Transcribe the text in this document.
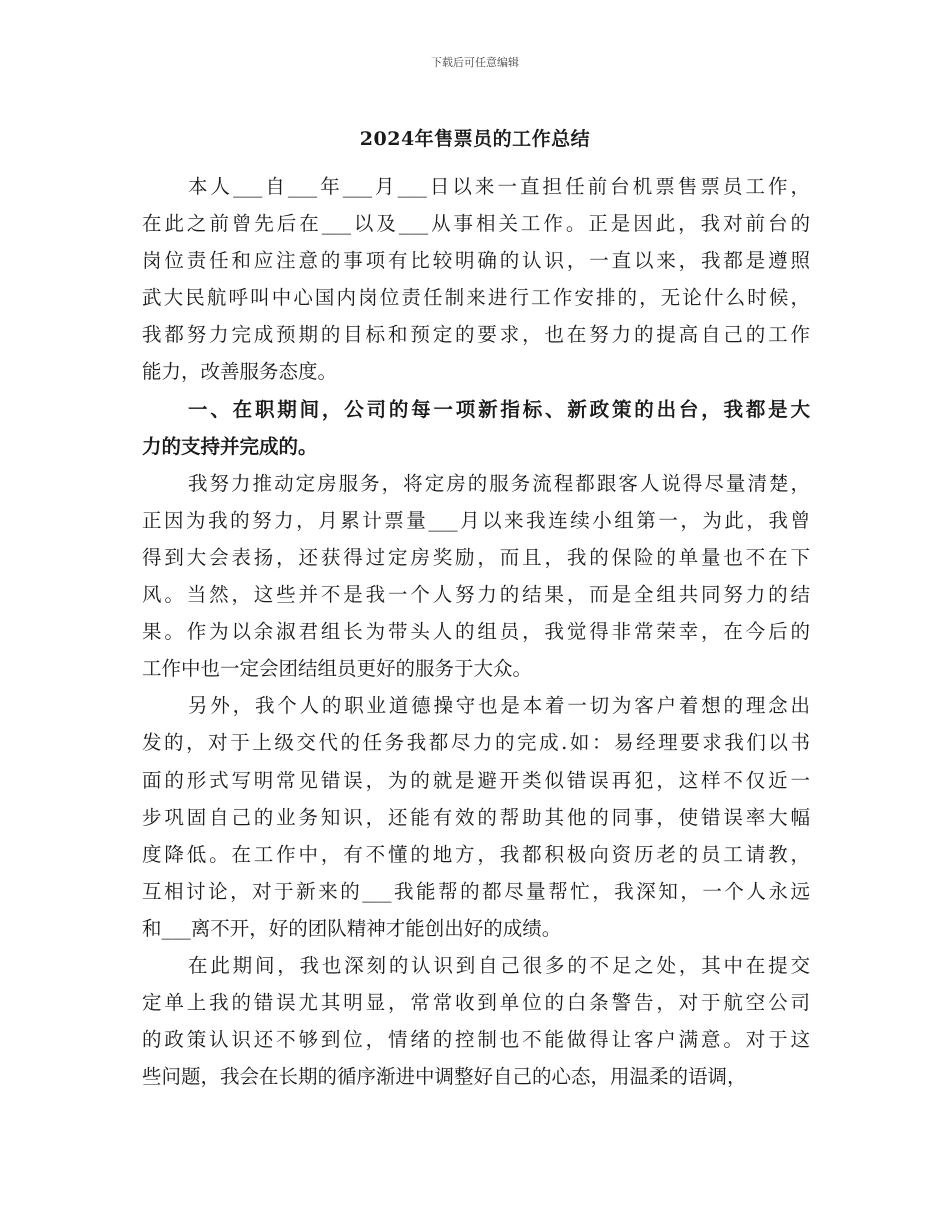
下载后可任意编辑
2024年售票员的工作总结
本人___自___年___月___日以来一直担任前台机票售票员工作，
在此之前曾先后在___以及___从事相关工作。正是因此，我对前台的
岗位责任和应注意的事项有比较明确的认识，一直以来，我都是遵照
武大民航呼叫中心国内岗位责任制来进行工作安排的，无论什么时候，
我都努力完成预期的目标和预定的要求，也在努力的提高自己的工作
能力，改善服务态度。
一、在职期间，公司的每一项新指标、新政策的出台，我都是大
力的支持并完成的。
我努力推动定房服务，将定房的服务流程都跟客人说得尽量清楚，
正因为我的努力，月累计票量___月以来我连续小组第一，为此，我曾
得到大会表扬，还获得过定房奖励，而且，我的保险的单量也不在下
风。当然，这些并不是我一个人努力的结果，而是全组共同努力的结
果。作为以余淑君组长为带头人的组员，我觉得非常荣幸，在今后的
工作中也一定会团结组员更好的服务于大众。
另外，我个人的职业道德操守也是本着一切为客户着想的理念出
发的，对于上级交代的任务我都尽力的完成.如：易经理要求我们以书
面的形式写明常见错误，为的就是避开类似错误再犯，这样不仅近一
步巩固自己的业务知识，还能有效的帮助其他的同事，使错误率大幅
度降低。在工作中，有不懂的地方，我都积极向资历老的员工请教，
互相讨论，对于新来的___我能帮的都尽量帮忙，我深知，一个人永远
和___离不开，好的团队精神才能创出好的成绩。
在此期间，我也深刻的认识到自己很多的不足之处，其中在提交
定单上我的错误尤其明显，常常收到单位的白条警告，对于航空公司
的政策认识还不够到位，情绪的控制也不能做得让客户满意。对于这
些问题，我会在长期的循序渐进中调整好自己的心态，用温柔的语调，
